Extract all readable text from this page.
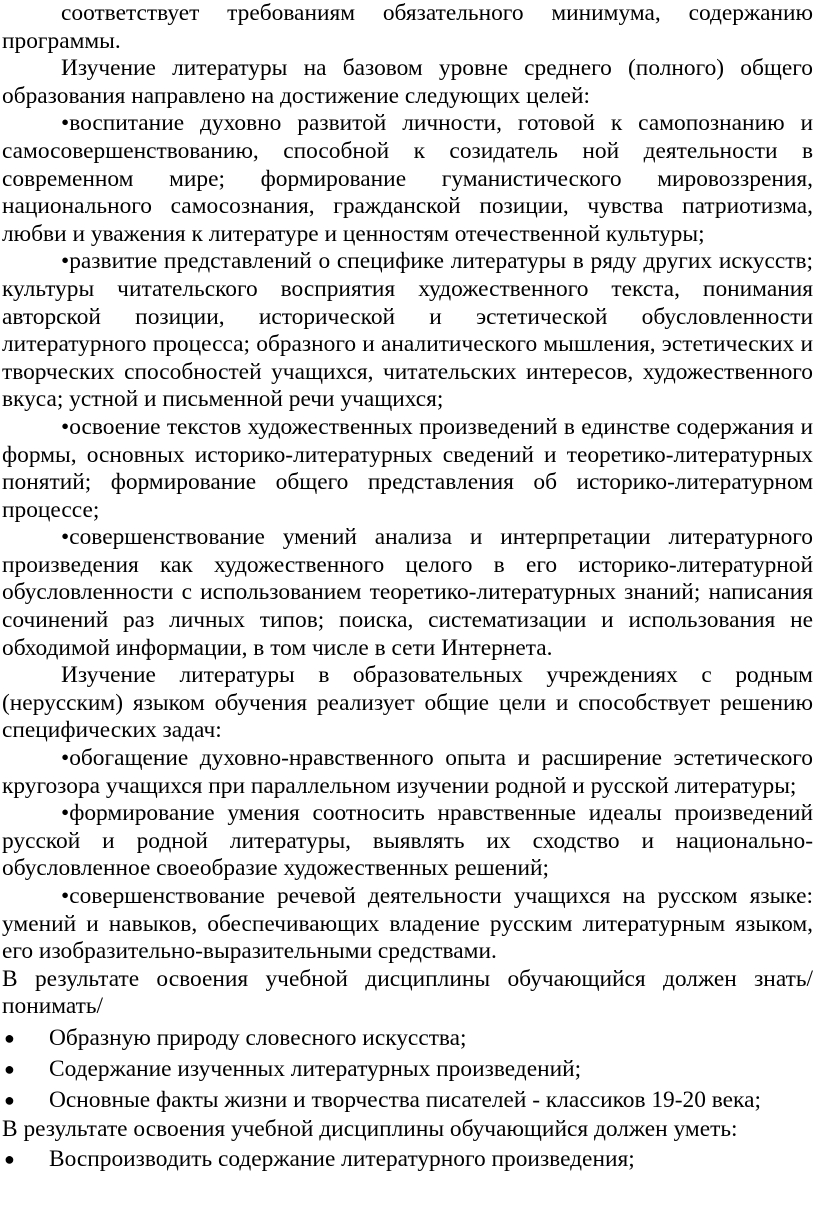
соответствует требованиям обязательного минимума, содержанию программы.

Изучение литературы на базовом уровне среднего (полного) общего образования направлено на достижение следующих целей:

•воспитание духовно развитой личности, готовой к самопознанию и самосовершенствованию, способной к созидатель ной деятельности в современном мире; формирование гуманистического мировоззрения, национального самосознания, гражданской позиции, чувства патриотизма, любви и уважения к литературе и ценностям отечественной культуры;

•развитие представлений о специфике литературы в ряду других искусств; культуры читательского восприятия художественного текста, понимания авторской позиции, исторической и эстетической обусловленности литературного процесса; образного и аналитического мышления, эстетических и творческих способностей учащихся, читательских интересов, художественного вкуса; устной и письменной речи учащихся;

•освоение текстов художественных произведений в единстве содержания и формы, основных историко-литературных сведений и теоретико-литературных понятий; формирование общего представления об историко-литературном процессе;

•совершенствование умений анализа и интерпретации литературного произведения как художественного целого в его историко-литературной обусловленности с использованием теоретико-литературных знаний; написания сочинений раз личных типов; поиска, систематизации и использования не обходимой информации, в том числе в сети Интернета.

Изучение литературы в образовательных учреждениях с родным (нерусским) языком обучения реализует общие цели и способствует решению специфических задач:

•обогащение духовно-нравственного опыта и расширение эстетического кругозора учащихся при параллельном изучении родной и русской литературы;

•формирование умения соотносить нравственные идеалы произведений русской и родной литературы, выявлять их сходство и национально-обусловленное своеобразие художественных решений;

•совершенствование речевой деятельности учащихся на русском языке: умений и навыков, обеспечивающих владение русским литературным языком, его изобразительно-выразительными средствами.

В результате освоения учебной дисциплины обучающийся должен знать/понимать/

● Образную природу словесного искусства;
● Содержание изученных литературных произведений;
● Основные факты жизни и творчества писателей - классиков 19-20 века;

В результате освоения учебной дисциплины обучающийся должен уметь:

● Воспроизводить содержание литературного произведения;
